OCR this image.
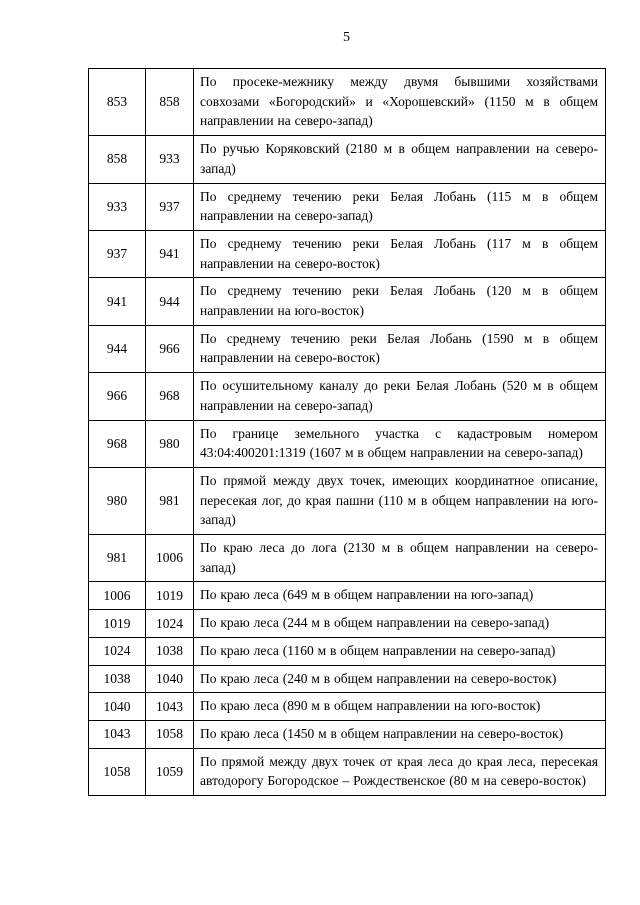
5
853	858	По просеке-межнику между двумя бывшими хозяйствами совхозами «Богородский» и «Хорошевский» (1150 м в общем направлении на северо-запад)
858	933	По ручью Коряковский (2180 м в общем направлении на северо-запад)
933	937	По среднему течению реки Белая Лобань (115 м в общем направлении на северо-запад)
937	941	По среднему течению реки Белая Лобань (117 м в общем направлении на северо-восток)
941	944	По среднему течению реки Белая Лобань (120 м в общем направлении на юго-восток)
944	966	По среднему течению реки Белая Лобань (1590 м в общем направлении на северо-восток)
966	968	По осушительному каналу до реки Белая Лобань (520 м в общем направлении на северо-запад)
968	980	По границе земельного участка с кадастровым номером 43:04:400201:1319 (1607 м в общем направлении на северо-запад)
980	981	По прямой между двух точек, имеющих координатное описание, пересекая лог, до края пашни (110 м в общем направлении на юго-запад)
981	1006	По краю леса до лога (2130 м в общем направлении на северо-запад)
1006	1019	По краю леса (649 м в общем направлении на юго-запад)
1019	1024	По краю леса (244 м в общем направлении на северо-запад)
1024	1038	По краю леса (1160 м в общем направлении на северо-запад)
1038	1040	По краю леса (240 м в общем направлении на северо-восток)
1040	1043	По краю леса (890 м в общем направлении на юго-восток)
1043	1058	По краю леса (1450 м в общем направлении на северо-восток)
1058	1059	По прямой между двух точек от края леса до края леса, пересекая автодорогу Богородское – Рождественское (80 м на северо-восток)
